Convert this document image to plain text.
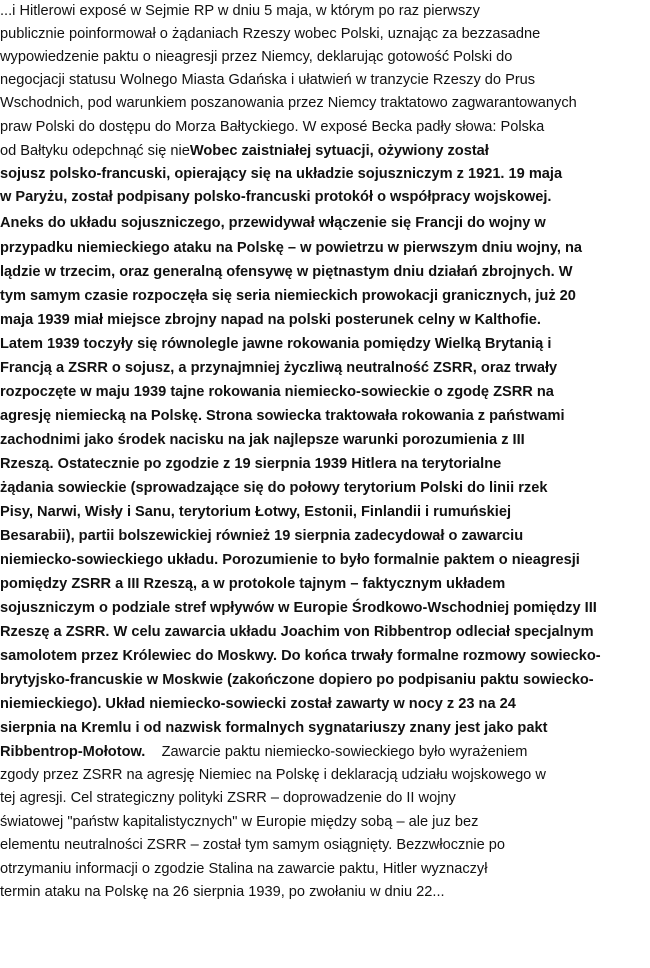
...i Hitlerowi exposé w Sejmie RP w dniu 5 maja, w którym po raz pierwszy
publicznie poinformował o żądaniach Rzeszy wobec Polski, uznając za bezzasadne
wypowiedzenie paktu o nieagresji przez Niemcy, deklarując gotowość Polski do
negocjacji statusu Wolnego Miasta Gdańska i ułatwień w tranzycie Rzeszy do Prus
Wschodnich, pod warunkiem poszanowania przez Niemcy traktatowo zagwarantowanych
praw Polski do dostępu do Morza Bałtyckiego. W exposé Becka padły słowa: Polska
od Bałtyku odepchnąć się nieWobec zaistniałej sytuacji, ożywiony został
sojusz polsko-francuski, opierający się na układzie sojuszniczym z 1921. 19 maja
w Paryżu, został podpisany polsko-francuski protokół o współpracy wojskowej.
Aneks do układu sojuszniczego, przewidywał włączenie się Francji do wojny w
przypadku niemieckiego ataku na Polskę – w powietrzu w pierwszym dniu wojny, na
lądzie w trzecim, oraz generalną ofensywę w piętnastym dniu działań zbrojnych. W
tym samym czasie rozpoczęła się seria niemieckich prowokacji granicznych, już 20
maja 1939 miał miejsce zbrojny napad na polski posterunek celny w Kalthofie.
Latem 1939 toczyły się równolegle jawne rokowania pomiędzy Wielką Brytanią i
Francją a ZSRR o sojusz, a przynajmniej życzliwą neutralność ZSRR, oraz trwały
rozpoczęte w maju 1939 tajne rokowania niemiecko-sowieckie o zgodę ZSRR na
agresję niemiecką na Polskę. Strona sowiecka traktowała rokowania z państwami
zachodnimi jako środek nacisku na jak najlepsze warunki porozumienia z III
Rzeszą. Ostatecznie po zgodzie z 19 sierpnia 1939 Hitlera na terytorialne
żądania sowieckie (sprowadzające się do połowy terytorium Polski do linii rzek
Pisy, Narwi, Wisły i Sanu, terytorium Łotwy, Estonii, Finlandii i rumuńskiej
Besarabii), partii bolszewickiej również 19 sierpnia zadecydował o zawarciu
niemiecko-sowieckiego układu. Porozumienie to było formalnie paktem o nieagresji
pomiędzy ZSRR a III Rzeszą, a w protokole tajnym – faktycznym układem
sojuszniczym o podziale stref wpływów w Europie Środkowo-Wschodniej pomiędzy III
Rzeszę a ZSRR. W celu zawarcia układu Joachim von Ribbentrop odleciał specjalnym
samolotem przez Królewiec do Moskwy. Do końca trwały formalne rozmowy sowiecko-
brytyjsko-francuskie w Moskwie (zakończone dopiero po podpisaniu paktu sowiecko-
niemieckiego). Układ niemiecko-sowiecki został zawarty w nocy z 23 na 24
sierpnia na Kremlu i od nazwisk formalnych sygnatariuszy znany jest jako pakt
Ribbentrop-Mołotow.    Zawarcie paktu niemiecko-sowieckiego było wyrażeniem
zgody przez ZSRR na agresję Niemiec na Polskę i deklaracją udziału wojskowego w
tej agresji. Cel strategiczny polityki ZSRR – doprowadzenie do II wojny
światowej "państw kapitalistycznych" w Europie między sobą – ale juz bez
elementu neutralności ZSRR – został tym samym osiągnięty. Bezzwłocznie po
otrzymaniu informacji o zgodzie Stalina na zawarcie paktu, Hitler wyznaczył
termin ataku na Polskę na 26 sierpnia 1939, po zwołaniu w dniu 22...
